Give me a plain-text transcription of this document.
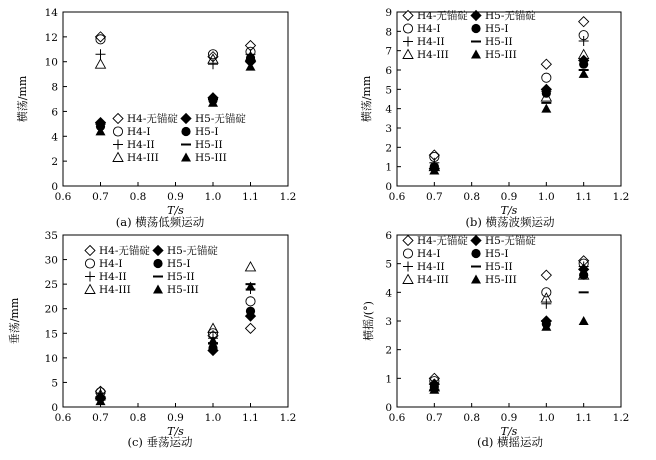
0.6 0.7 0.8 0.9 1.0 1.1 1.2
0
2
4
6
8
10
12
14
T/s
横荡/mm
(a) 横荡低频运动
H4-无锚碇
H4-I
H4-II
H4-III
H5-无锚碇
H5-I
H5-II
H5-III
0.6 0.7 0.8 0.9 1.0 1.1 1.2
0
1
2
3
4
5
6
7
8
9
T/s
横荡/mm
(b) 横荡波频运动
H4-无锚碇
H4-I
H4-II
H4-III
H5-无锚碇
H5-I
H5-II
H5-III
0.6 0.7 0.8 0.9 1.0 1.1 1.2
0
5
10
15
20
25
30
35
T/s
垂荡/mm
(c) 垂荡运动
H4-无锚碇
H4-I
H4-II
H4-III
H5-无锚碇
H5-I
H5-II
H5-III
0.6 0.7 0.8 0.9 1.0 1.1 1.2
0
1
2
3
4
5
6
T/s
横摇/(°)
(d) 横摇运动
H4-无锚碇
H4-I
H4-II
H4-III
H5-无锚碇
H5-I
H5-II
H5-III
